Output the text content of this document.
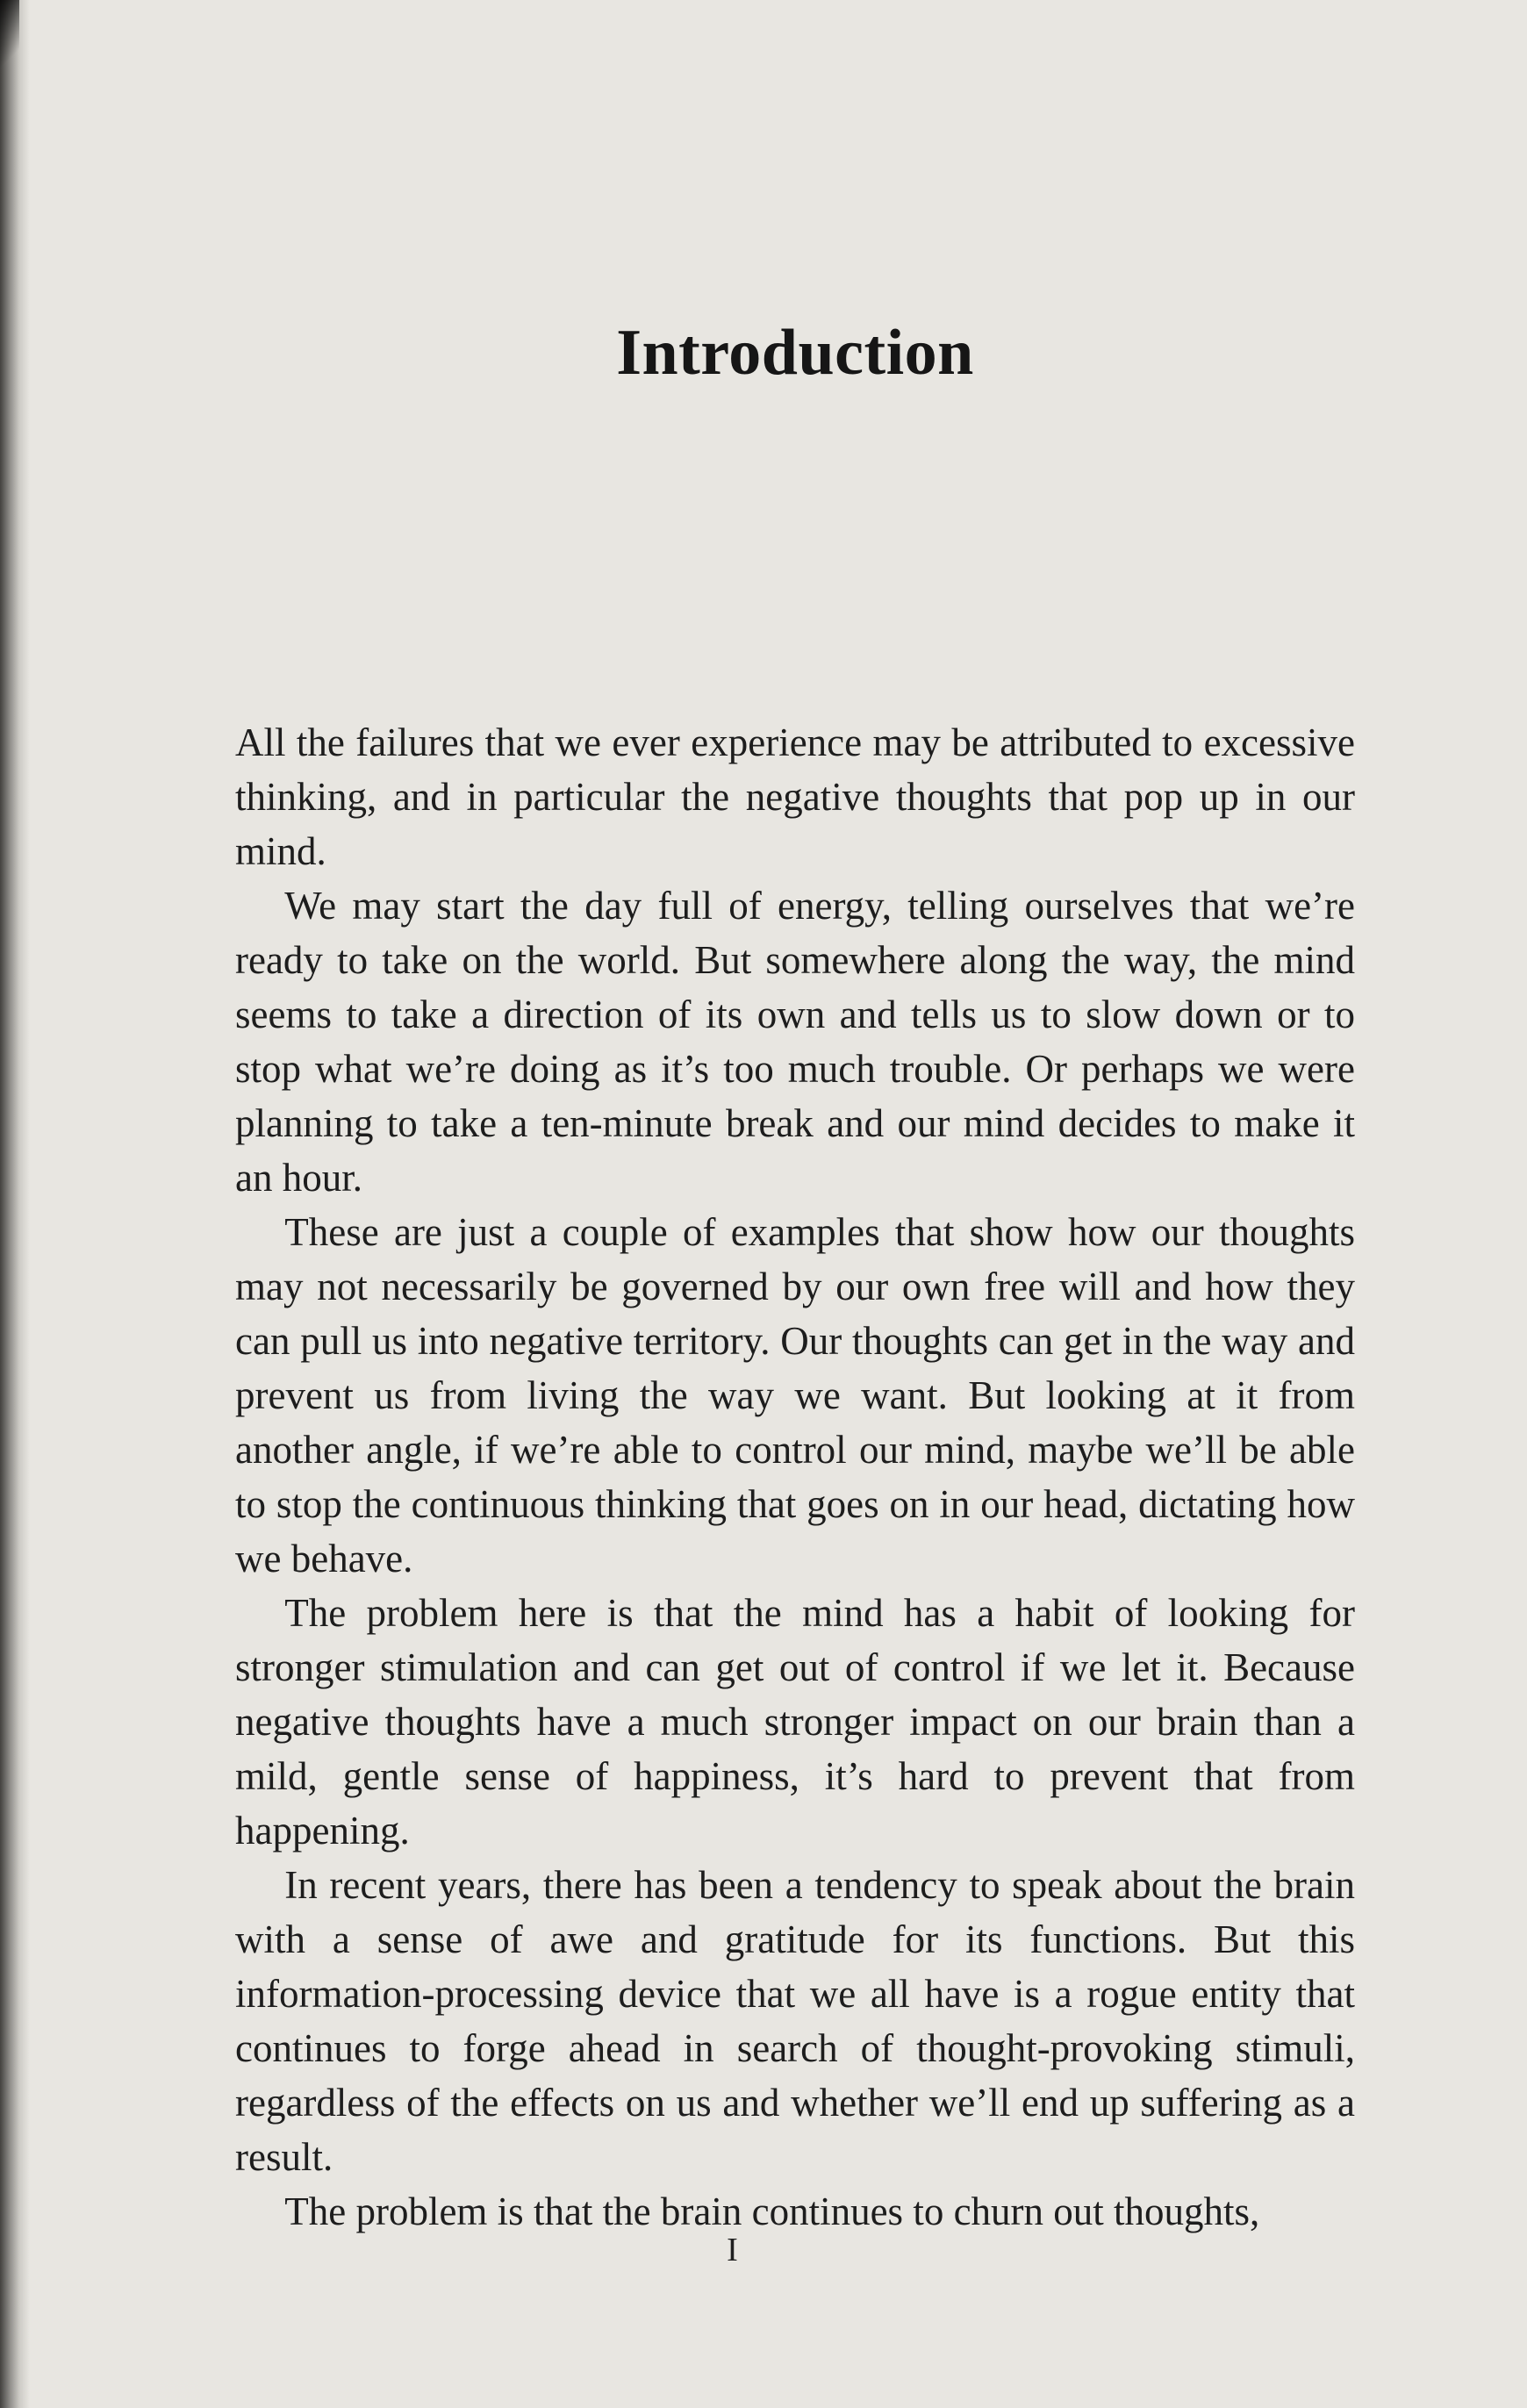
Introduction

All the failures that we ever experience may be attributed to excessive thinking, and in particular the negative thoughts that pop up in our mind.

We may start the day full of energy, telling ourselves that we’re ready to take on the world. But somewhere along the way, the mind seems to take a direction of its own and tells us to slow down or to stop what we’re doing as it’s too much trouble. Or perhaps we were planning to take a ten-minute break and our mind decides to make it an hour.

These are just a couple of examples that show how our thoughts may not necessarily be governed by our own free will and how they can pull us into negative territory. Our thoughts can get in the way and prevent us from living the way we want. But looking at it from another angle, if we’re able to control our mind, maybe we’ll be able to stop the continuous thinking that goes on in our head, dictating how we behave.

The problem here is that the mind has a habit of looking for stronger stimulation and can get out of control if we let it. Because negative thoughts have a much stronger impact on our brain than a mild, gentle sense of happiness, it’s hard to prevent that from happening.

In recent years, there has been a tendency to speak about the brain with a sense of awe and gratitude for its functions. But this information-processing device that we all have is a rogue entity that continues to forge ahead in search of thought-provoking stimuli, regardless of the effects on us and whether we’ll end up suffering as a result.

The problem is that the brain continues to churn out thoughts,

I
